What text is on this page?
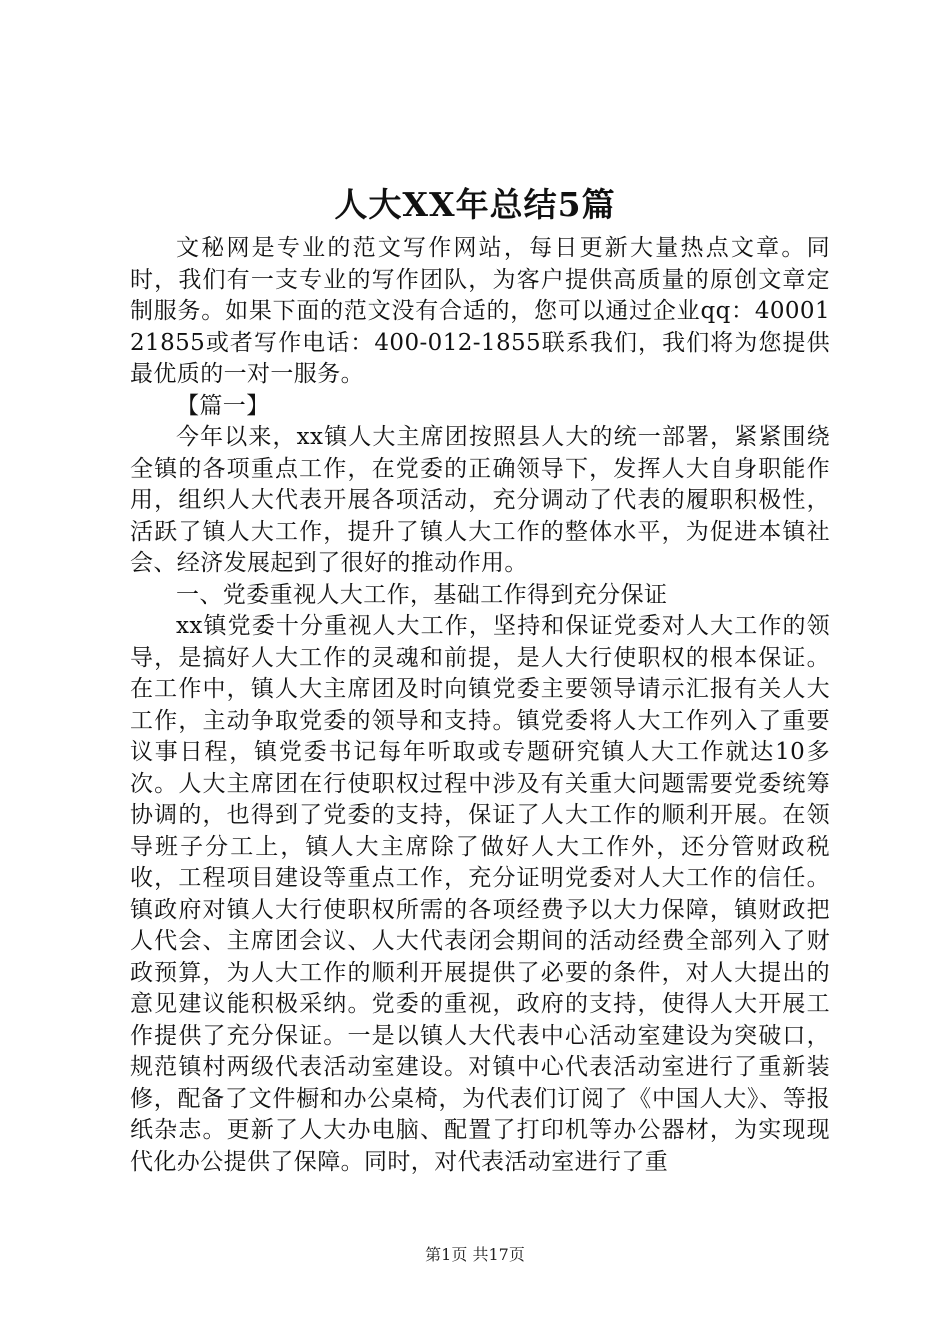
人大XX年总结5篇

文秘网是专业的范文写作网站，每日更新大量热点文章。同时，我们有一支专业的写作团队，为客户提供高质量的原创文章定制服务。如果下面的范文没有合适的，您可以通过企业qq：4000121855或者写作电话：400-012-1855联系我们，我们将为您提供最优质的一对一服务。

【篇一】

今年以来，xx镇人大主席团按照县人大的统一部署，紧紧围绕全镇的各项重点工作，在党委的正确领导下，发挥人大自身职能作用，组织人大代表开展各项活动，充分调动了代表的履职积极性，活跃了镇人大工作，提升了镇人大工作的整体水平，为促进本镇社会、经济发展起到了很好的推动作用。

一、党委重视人大工作，基础工作得到充分保证

xx镇党委十分重视人大工作，坚持和保证党委对人大工作的领导，是搞好人大工作的灵魂和前提，是人大行使职权的根本保证。在工作中，镇人大主席团及时向镇党委主要领导请示汇报有关人大工作，主动争取党委的领导和支持。镇党委将人大工作列入了重要议事日程，镇党委书记每年听取或专题研究镇人大工作就达10多次。人大主席团在行使职权过程中涉及有关重大问题需要党委统筹协调的，也得到了党委的支持，保证了人大工作的顺利开展。在领导班子分工上，镇人大主席除了做好人大工作外，还分管财政税收，工程项目建设等重点工作，充分证明党委对人大工作的信任。镇政府对镇人大行使职权所需的各项经费予以大力保障，镇财政把人代会、主席团会议、人大代表闭会期间的活动经费全部列入了财政预算，为人大工作的顺利开展提供了必要的条件，对人大提出的意见建议能积极采纳。党委的重视，政府的支持，使得人大开展工作提供了充分保证。一是以镇人大代表中心活动室建设为突破口，规范镇村两级代表活动室建设。对镇中心代表活动室进行了重新装修，配备了文件橱和办公桌椅，为代表们订阅了《中国人大》、等报纸杂志。更新了人大办电脑、配置了打印机等办公器材，为实现现代化办公提供了保障。同时，对代表活动室进行了重

第1页 共17页
